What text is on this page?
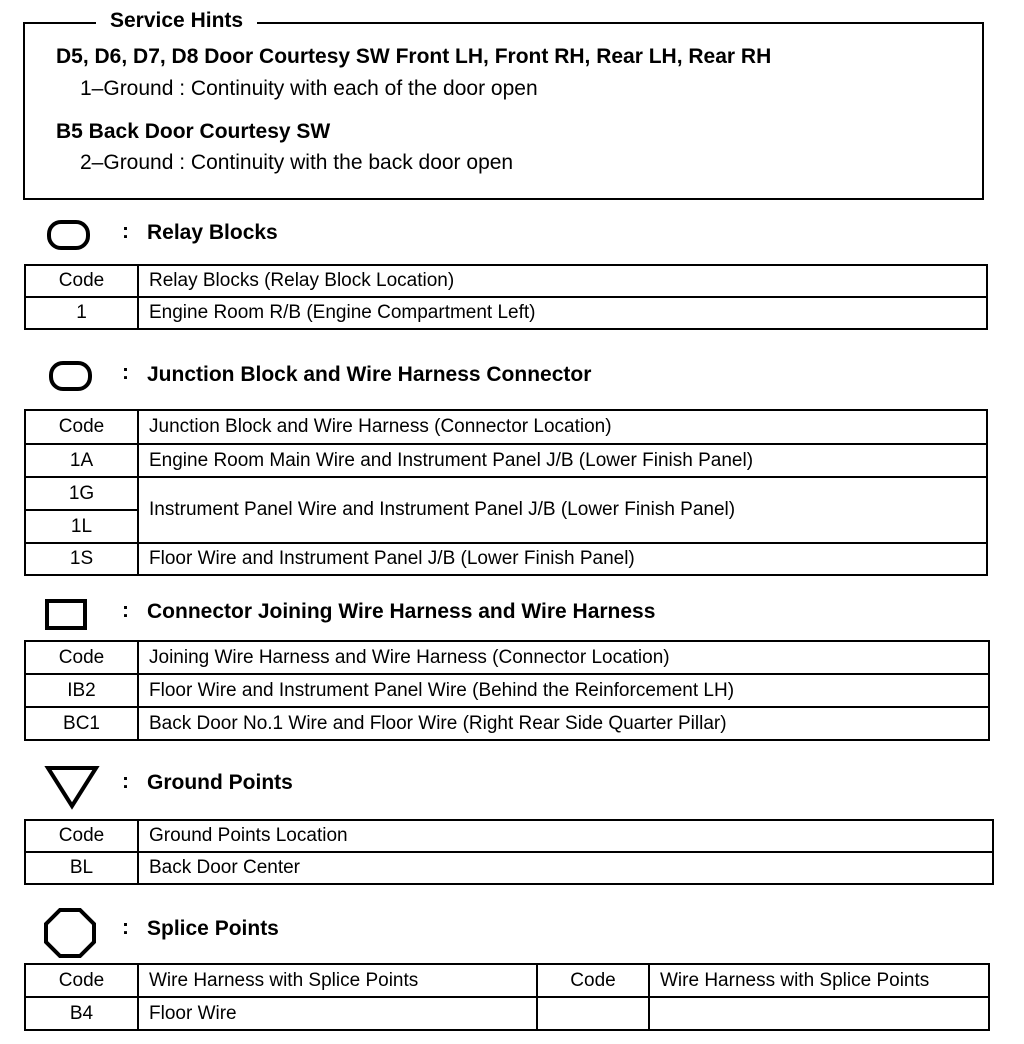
Service Hints
D5, D6, D7, D8 Door Courtesy SW Front LH, Front RH, Rear LH, Rear RH
1–Ground : Continuity with each of the door open
B5 Back Door Courtesy SW
2–Ground : Continuity with the back door open
: Relay Blocks
Code	Relay Blocks (Relay Block Location)
1	Engine Room R/B (Engine Compartment Left)
: Junction Block and Wire Harness Connector
Code	Junction Block and Wire Harness (Connector Location)
1A	Engine Room Main Wire and Instrument Panel J/B (Lower Finish Panel)
1G	Instrument Panel Wire and Instrument Panel J/B (Lower Finish Panel)
1L	
1S	Floor Wire and Instrument Panel J/B (Lower Finish Panel)
: Connector Joining Wire Harness and Wire Harness
Code	Joining Wire Harness and Wire Harness (Connector Location)
IB2	Floor Wire and Instrument Panel Wire (Behind the Reinforcement LH)
BC1	Back Door No.1 Wire and Floor Wire (Right Rear Side Quarter Pillar)
: Ground Points
Code	Ground Points Location
BL	Back Door Center
: Splice Points
Code	Wire Harness with Splice Points	Code	Wire Harness with Splice Points
B4	Floor Wire		
